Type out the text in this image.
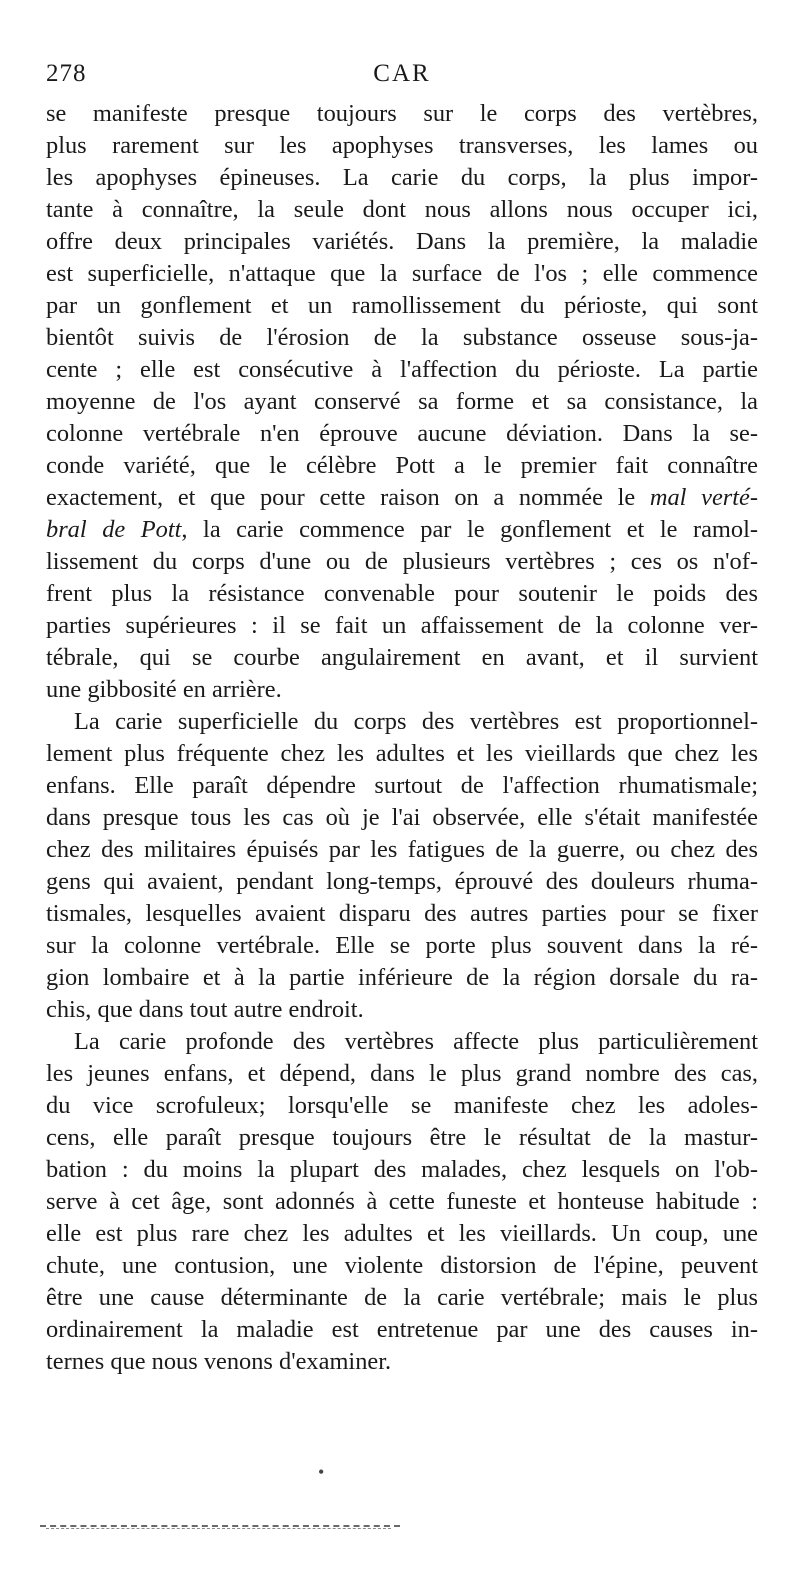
278	CAR
se manifeste presque toujours sur le corps des vertèbres,
plus rarement sur les apophyses transverses, les lames ou
les apophyses épineuses. La carie du corps, la plus impor-
tante à connaître, la seule dont nous allons nous occuper ici,
offre deux principales variétés. Dans la première, la maladie
est superficielle, n'attaque que la surface de l'os ; elle commence
par un gonflement et un ramollissement du périoste, qui sont
bientôt suivis de l'érosion de la substance osseuse sous-ja-
cente ; elle est consécutive à l'affection du périoste. La partie
moyenne de l'os ayant conservé sa forme et sa consistance, la
colonne vertébrale n'en éprouve aucune déviation. Dans la se-
conde variété, que le célèbre Pott a le premier fait connaître
exactement, et que pour cette raison on a nommée le mal verté-
bral de Pott, la carie commence par le gonflement et le ramol-
lissement du corps d'une ou de plusieurs vertèbres ; ces os n'of-
frent plus la résistance convenable pour soutenir le poids des
parties supérieures : il se fait un affaissement de la colonne ver-
tébrale, qui se courbe angulairement en avant, et il survient
une gibbosité en arrière.
La carie superficielle du corps des vertèbres est proportionnel-
lement plus fréquente chez les adultes et les vieillards que chez les
enfans. Elle paraît dépendre surtout de l'affection rhumatismale;
dans presque tous les cas où je l'ai observée, elle s'était manifestée
chez des militaires épuisés par les fatigues de la guerre, ou chez des
gens qui avaient, pendant long-temps, éprouvé des douleurs rhuma-
tismales, lesquelles avaient disparu des autres parties pour se fixer
sur la colonne vertébrale. Elle se porte plus souvent dans la ré-
gion lombaire et à la partie inférieure de la région dorsale du ra-
chis, que dans tout autre endroit.
La carie profonde des vertèbres affecte plus particulièrement
les jeunes enfans, et dépend, dans le plus grand nombre des cas,
du vice scrofuleux; lorsqu'elle se manifeste chez les adoles-
cens, elle paraît presque toujours être le résultat de la mastur-
bation : du moins la plupart des malades, chez lesquels on l'ob-
serve à cet âge, sont adonnés à cette funeste et honteuse habitude :
elle est plus rare chez les adultes et les vieillards. Un coup, une
chute, une contusion, une violente distorsion de l'épine, peuvent
être une cause déterminante de la carie vertébrale; mais le plus
ordinairement la maladie est entretenue par une des causes in-
ternes que nous venons d'examiner.
•
